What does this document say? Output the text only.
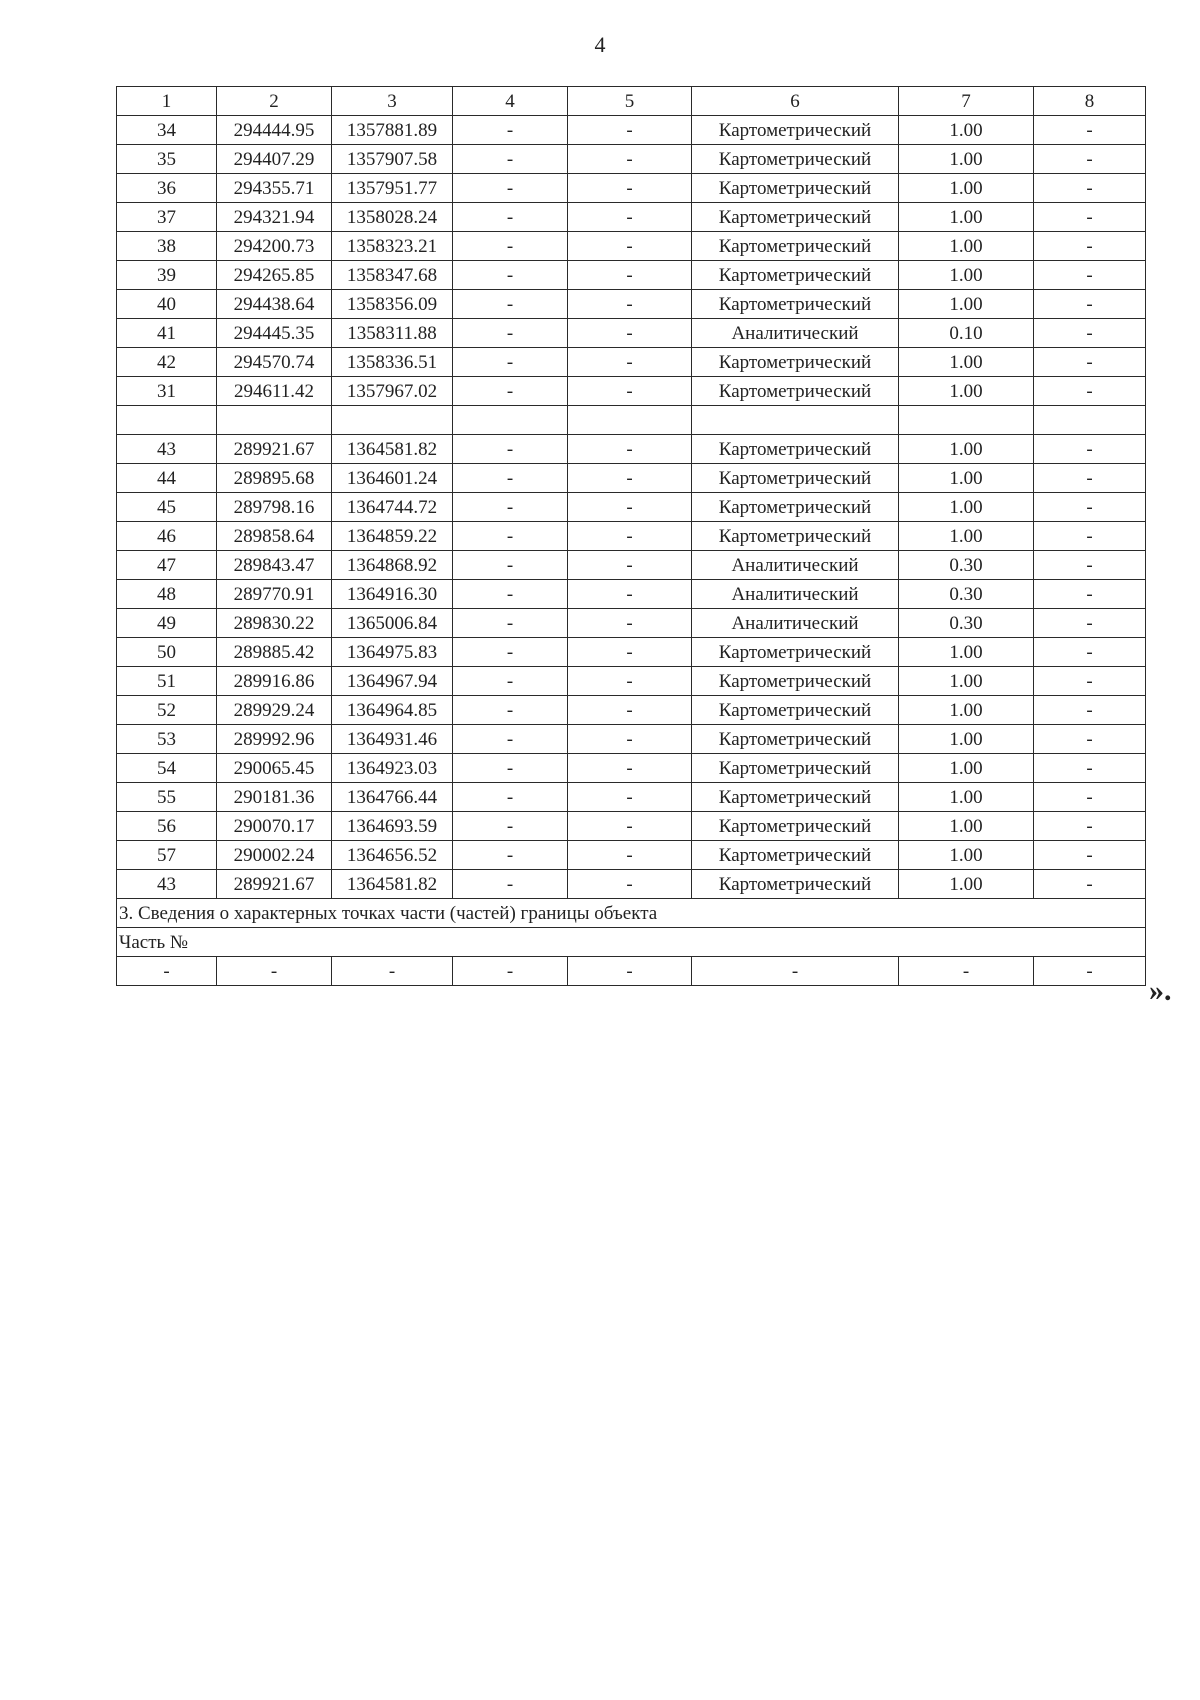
4
1	2	3	4	5	6	7	8
34	294444.95	1357881.89	-	-	Картометрический	1.00	-
35	294407.29	1357907.58	-	-	Картометрический	1.00	-
36	294355.71	1357951.77	-	-	Картометрический	1.00	-
37	294321.94	1358028.24	-	-	Картометрический	1.00	-
38	294200.73	1358323.21	-	-	Картометрический	1.00	-
39	294265.85	1358347.68	-	-	Картометрический	1.00	-
40	294438.64	1358356.09	-	-	Картометрический	1.00	-
41	294445.35	1358311.88	-	-	Аналитический	0.10	-
42	294570.74	1358336.51	-	-	Картометрический	1.00	-
31	294611.42	1357967.02	-	-	Картометрический	1.00	-

43	289921.67	1364581.82	-	-	Картометрический	1.00	-
44	289895.68	1364601.24	-	-	Картометрический	1.00	-
45	289798.16	1364744.72	-	-	Картометрический	1.00	-
46	289858.64	1364859.22	-	-	Картометрический	1.00	-
47	289843.47	1364868.92	-	-	Аналитический	0.30	-
48	289770.91	1364916.30	-	-	Аналитический	0.30	-
49	289830.22	1365006.84	-	-	Аналитический	0.30	-
50	289885.42	1364975.83	-	-	Картометрический	1.00	-
51	289916.86	1364967.94	-	-	Картометрический	1.00	-
52	289929.24	1364964.85	-	-	Картометрический	1.00	-
53	289992.96	1364931.46	-	-	Картометрический	1.00	-
54	290065.45	1364923.03	-	-	Картометрический	1.00	-
55	290181.36	1364766.44	-	-	Картометрический	1.00	-
56	290070.17	1364693.59	-	-	Картометрический	1.00	-
57	290002.24	1364656.52	-	-	Картометрический	1.00	-
43	289921.67	1364581.82	-	-	Картометрический	1.00	-
3. Сведения о характерных точках части (частей) границы объекта							
Часть №							
-	-	-	-	-	-	-	-
».
